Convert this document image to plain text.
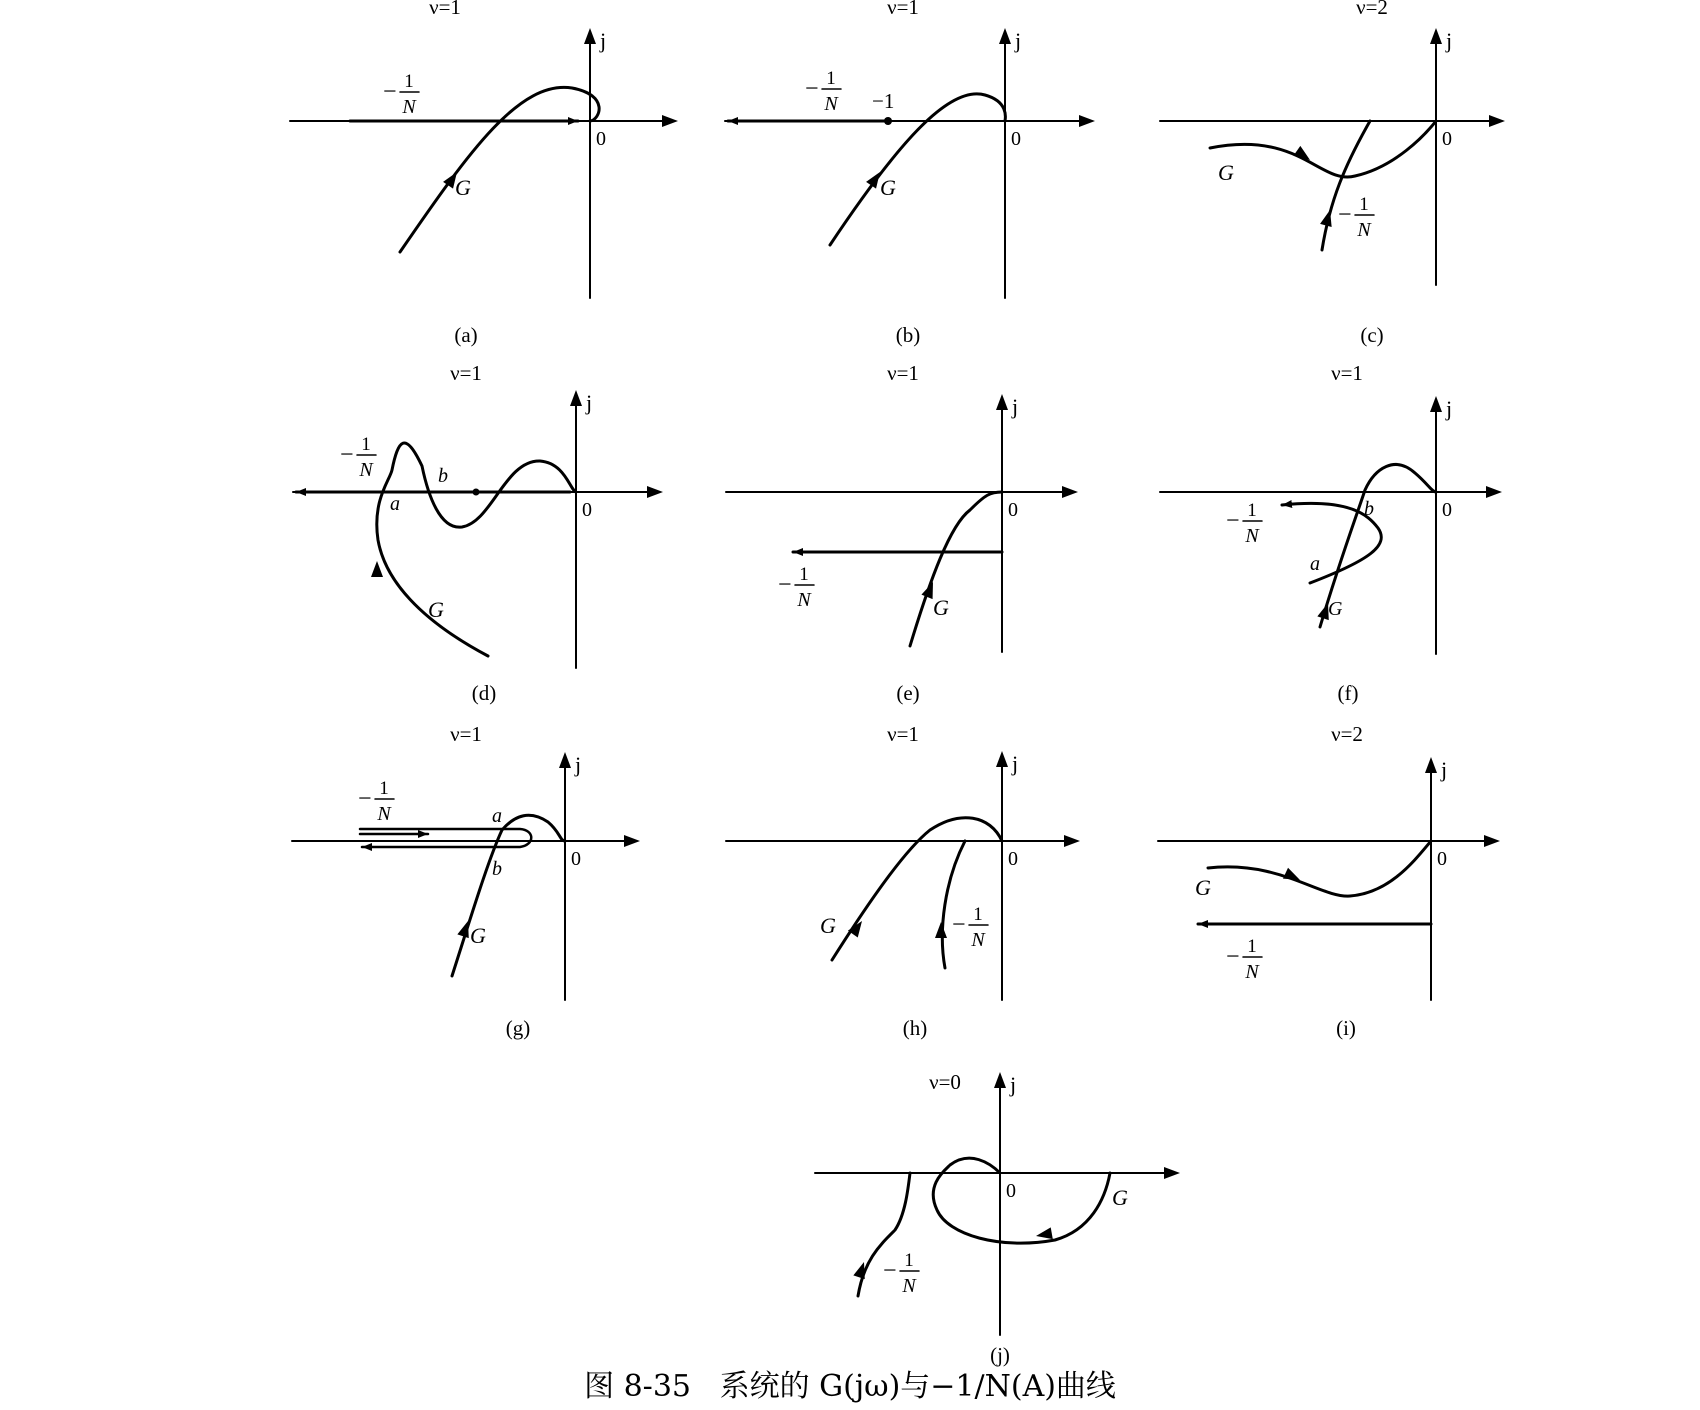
j
0
G
− 1
N
ν=1
(a)
j
0
G
−1
− 1
N
ν=1
(b)
j
0
G
− 1
N
ν=2
(c)
j
0
G
a
b
− 1
N
ν=1
(d)
j
0
G
− 1
N
ν=1
(e)
j
0
G
a
b
− 1
N
ν=1
(f)
j
0
G
a
b
− 1
N
ν=1
(g)
j
0
G	− 1
N
ν=1
(h)
j
0
G
− 1
N
ν=2
(i)
j
0	G
− 1
N
ν=0
(j)
图 8-35 系统的 G(jω)与−1/N(A)曲线
